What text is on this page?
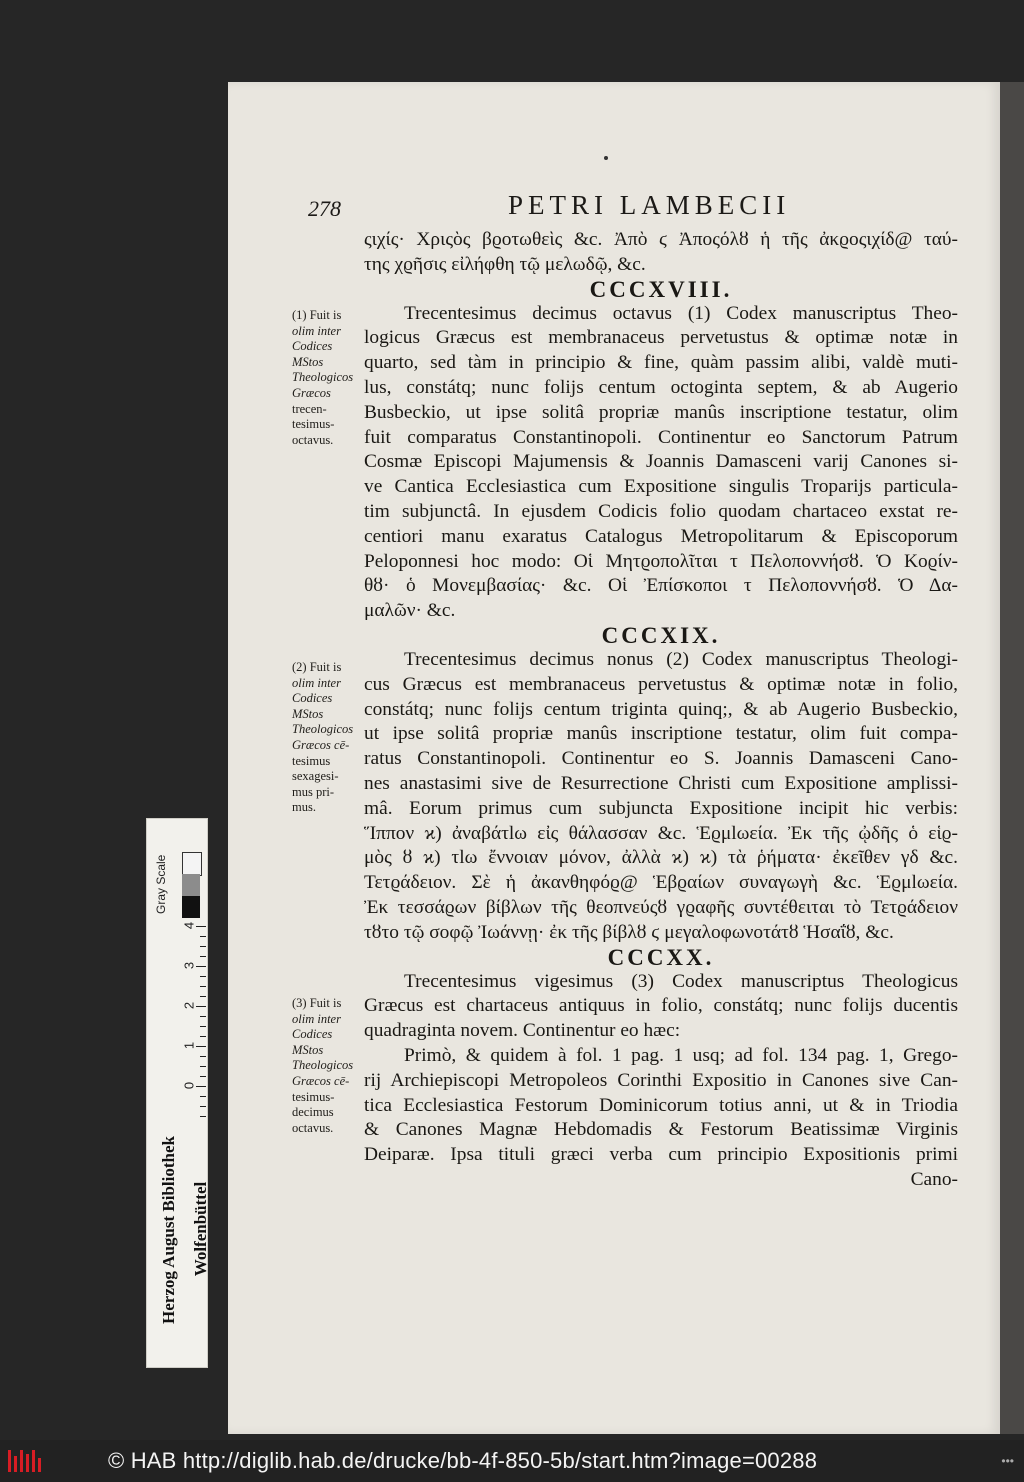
278	PETRI LAMBECII

ςιχίς· Χριςὸς βϱοτωθεὶς &c. Ἀπὸ ϛ Ἀποςόλȣ ἡ τῆς ἀκϱοςιχίδ@ ταύ-

της χϱῆσις εἰλήφθη τῷ μελωδῷ, &c.

CCCXVIII.

Trecentesimus decimus octavus (1) Codex manuscriptus Theo-

logicus Græcus est membranaceus pervetustus & optimæ notæ in

quarto, sed tàm in principio & fine, quàm passim alibi, valdè muti-

lus, constátq; nunc folijs centum octoginta septem, & ab Augerio

Busbeckio, ut ipse solitâ propriæ manûs inscriptione testatur, olim

fuit comparatus Constantinopoli. Continentur eo Sanctorum Patrum

Cosmæ Episcopi Majumensis & Joannis Damasceni varij Canones si-

ve Cantica Ecclesiastica cum Expositione singulis Troparijs particula-

tim subjunctâ. In ejusdem Codicis folio quodam chartaceo exstat re-

centiori manu exaratus Catalogus Metropolitarum & Episcoporum

Peloponnesi hoc modo: Οἱ Μητϱοπολῖται τ Πελοποννήσȣ. Ὁ Κοϱίν-

θȣ· ὁ Μονεμβασίας· &c. Οἱ Ἐπίσκοποι τ Πελοποννήσȣ. Ὁ Δα-

μαλῶν· &c.

CCCXIX.

Trecentesimus decimus nonus (2) Codex manuscriptus Theologi-

cus Græcus est membranaceus pervetustus & optimæ notæ in folio,

constátq; nunc folijs centum triginta quinq;, & ab Augerio Busbeckio,

ut ipse solitâ propriæ manûs inscriptione testatur, olim fuit compa-

ratus Constantinopoli. Continentur eo S. Joannis Damasceni Cano-

nes anastasimi sive de Resurrectione Christi cum Expositione amplissi-

mâ. Eorum primus cum subjuncta Expositione incipit hic verbis:

Ἵππον ϰ) ἀναβάτlω εἰς θάλασσαν &c. Ἑϱμlωεία. Ἐκ τῆς ᾠδῆς ὁ εἱϱ-

μὸς ȣ ϰ) τlω ἔννοιαν μόνον, ἀλλὰ ϰ) ϰ) τὰ ῥήματα· ἐκεῖθεν γδ &c.

Τετϱάδειον. Σὲ ἡ ἀκανθηφόϱ@ Ἑβϱαίων συναγωγὴ &c. Ἑϱμlωεία.

Ἐκ τεσσάϱων βίβλων τῆς θεοπνεύςȣ γϱαφῆς συντέθειται τὸ Τετϱάδειον

τȣτο τῷ σοφῷ Ἰωάννῃ· ἐκ τῆς βίβλȣ ϛ μεγαλοφωνοτάτȣ Ἡσαΐȣ, &c.

CCCXX.

Trecentesimus vigesimus (3) Codex manuscriptus Theologicus

Græcus est chartaceus antiquus in folio, constátq; nunc folijs ducentis

quadraginta novem. Continentur eo hæc:

Primò, & quidem à fol. 1 pag. 1 usq; ad fol. 134 pag. 1, Grego-

rij Archiepiscopi Metropoleos Corinthi Expositio in Canones sive Can-

tica Ecclesiastica Festorum Dominicorum totius anni, ut & in Triodia

& Canones Magnæ Hebdomadis & Festorum Beatissimæ Virginis

Deiparæ. Ipsa tituli græci verba cum principio Expositionis primi

Cano-

(1) Fuit is
olim inter
Codices
MStos
Theologicos
Græcos
trecen-
tesimus-
octavus.
(2) Fuit is
olim inter
Codices
MStos
Theologicos
Græcos cē-
tesimus
sexagesi-
mus pri-
mus.
(3) Fuit is
olim inter
Codices
MStos
Theologicos
Græcos cē-
tesimus-
decimus
octavus.
Herzog August Bibliothek Wolfenbüttel
Gray Scale
4
3
2
1
0
© HAB http://diglib.hab.de/drucke/bb-4f-850-5b/start.htm?image=00288	•••
